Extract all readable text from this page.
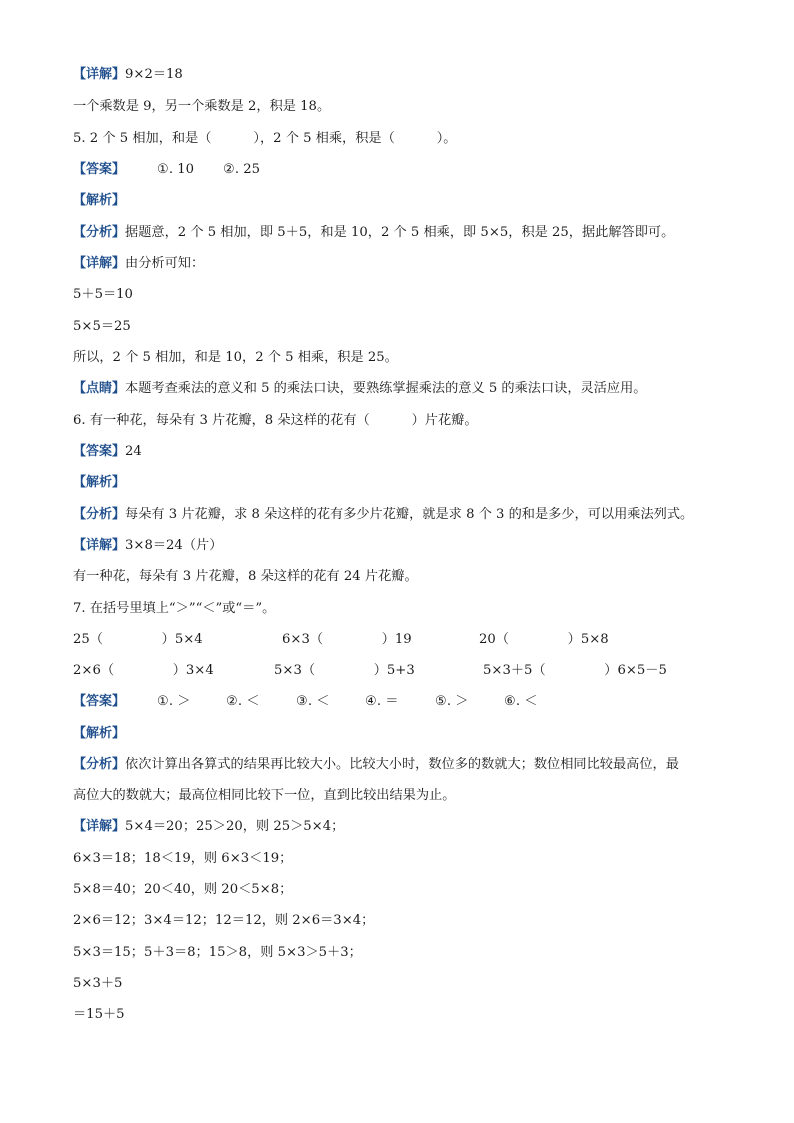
【详解】9×2＝18
一个乘数是 9，另一个乘数是 2，积是 18。
5. 2 个 5 相加，和是（          ），2 个 5 相乘，积是（          ）。
【答案】 ①. 10 ②. 25
【解析】
【分析】据题意，2 个 5 相加，即 5＋5，和是 10，2 个 5 相乘，即 5×5，积是 25，据此解答即可。
【详解】由分析可知：
5＋5＝10
5×5＝25
所以，2 个 5 相加，和是 10，2 个 5 相乘，积是 25。
【点睛】本题考查乘法的意义和 5 的乘法口诀，要熟练掌握乘法的意义 5 的乘法口诀，灵活应用。
6. 有一种花，每朵有 3 片花瓣，8 朵这样的花有（          ）片花瓣。
【答案】24
【解析】
【分析】每朵有 3 片花瓣，求 8 朵这样的花有多少片花瓣，就是求 8 个 3 的和是多少，可以用乘法列式。
【详解】3×8＝24（片）
有一种花，每朵有 3 片花瓣，8 朵这样的花有 24 片花瓣。
7. 在括号里填上“＞”“＜”或“＝”。
25（              ）5×4	6×3（              ）19	20（              ）5×8
2×6（              ）3×4	5×3（              ）5+3	5×3＋5（              ）6×5－5
【答案】 ①. ＞	②. ＜	③. ＜	④. ＝	⑤. ＞	⑥. ＜
【解析】
【分析】依次计算出各算式的结果再比较大小。比较大小时，数位多的数就大；数位相同比较最高位，最
高位大的数就大；最高位相同比较下一位，直到比较出结果为止。
【详解】5×4＝20；25＞20，则 25＞5×4；
6×3＝18；18＜19，则 6×3＜19；
5×8＝40；20＜40，则 20＜5×8；
2×6＝12；3×4＝12；12＝12，则 2×6＝3×4；
5×3＝15；5＋3＝8；15＞8，则 5×3＞5＋3；
5×3＋5
＝15＋5
